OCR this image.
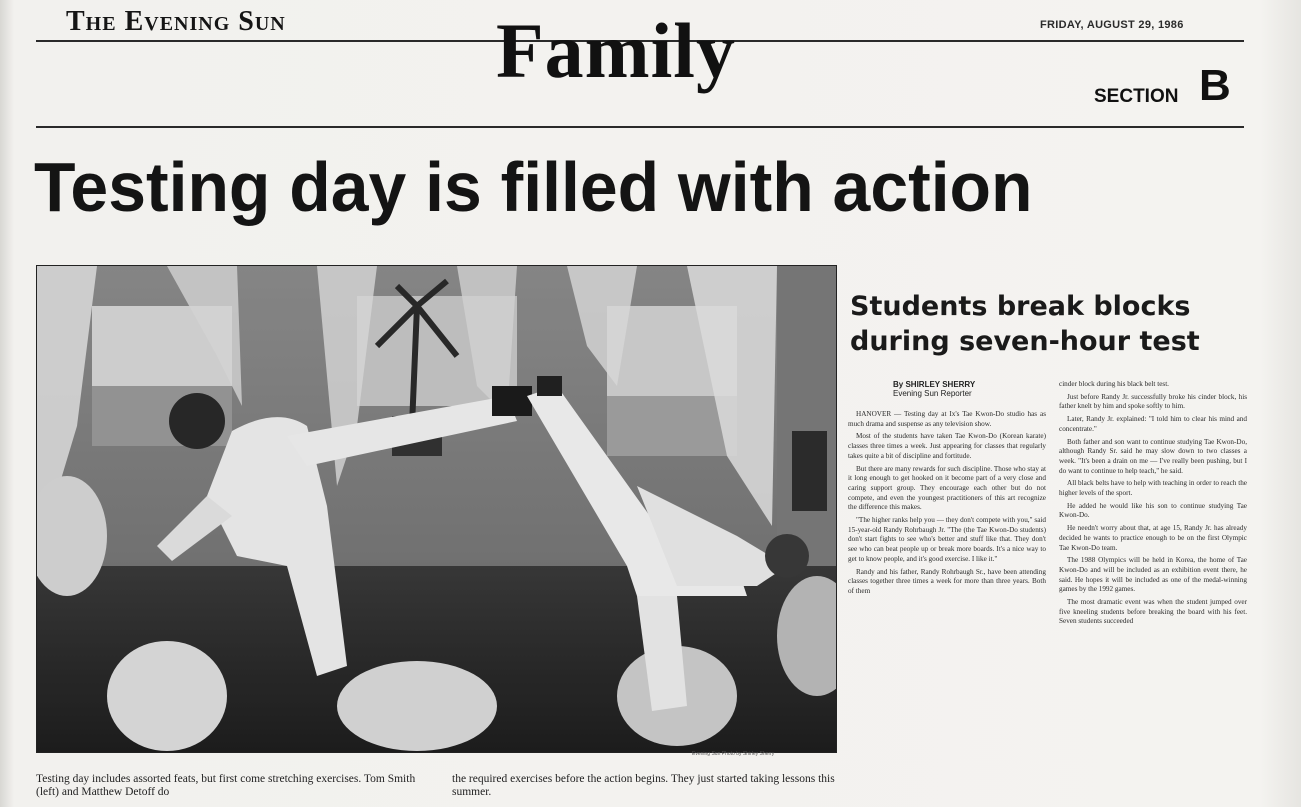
The Evening Sun	FRIDAY, AUGUST 29, 1986
Family
SECTION B
Testing day is filled with action
Evening Sun Photo by Shirley Sherry
Testing day includes assorted feats, but first come stretching exercises. Tom Smith (left) and Matthew Detoff do
the required exercises before the action begins. They just started taking lessons this summer.
Students break blocks
during seven-hour test
By SHIRLEY SHERRY
Evening Sun Reporter

HANOVER — Testing day at Ix's Tae Kwon-Do studio has as much drama and suspense as any television show.

Most of the students have taken Tae Kwon-Do (Korean karate) classes three times a week. Just appearing for classes that regularly takes quite a bit of discipline and fortitude.

But there are many rewards for such discipline. Those who stay at it long enough to get hooked on it become part of a very close and caring support group. They encourage each other but do not compete, and even the youngest practitioners of this art recognize the difference this makes.

"The higher ranks help you — they don't compete with you," said 15-year-old Randy Rohrbaugh Jr. "The (the Tae Kwon-Do students) don't start fights to see who's better and stuff like that. They don't see who can beat people up or break more boards. It's a nice way to get to know people, and it's good exercise. I like it."

Randy and his father, Randy Rohrbaugh Sr., have been attending classes together three times a week for more than three years. Both of them

cinder block during his black belt test.

Just before Randy Jr. successfully broke his cinder block, his father knelt by him and spoke softly to him.

Later, Randy Jr. explained: "I told him to clear his mind and concentrate."

Both father and son want to continue studying Tae Kwon-Do, although Randy Sr. said he may slow down to two classes a week. "It's been a drain on me — I've really been pushing, but I do want to continue to help teach," he said.

All black belts have to help with teaching in order to reach the higher levels of the sport.

He added he would like his son to continue studying Tae Kwon-Do.

He needn't worry about that, at age 15, Randy Jr. has already decided he wants to practice enough to be on the first Olympic Tae Kwon-Do team.

The 1988 Olympics will be held in Korea, the home of Tae Kwon-Do and will be included as an exhibition event there, he said. He hopes it will be included as one of the medal-winning games by the 1992 games.

The most dramatic event was when the student jumped over five kneeling students before breaking the board with his feet. Seven students succeeded
